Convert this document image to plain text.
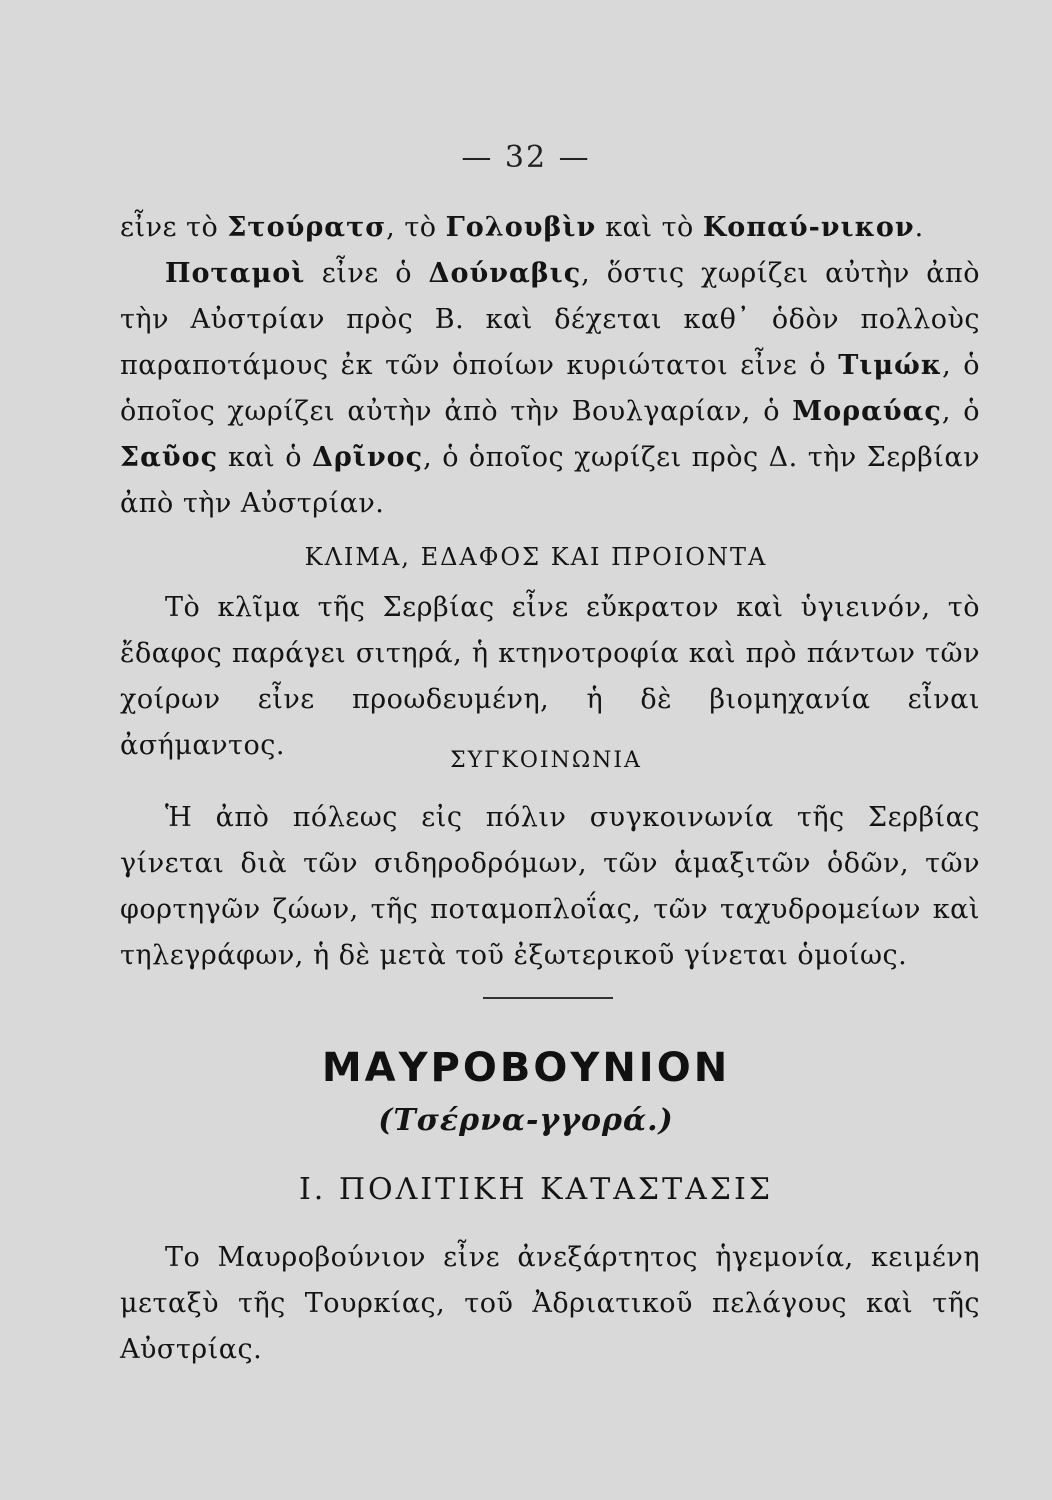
— 32 —
εἶνε τὸ Στούρατσ, τὸ Γολουβὶν καὶ τὸ Κοπαύ-νικον.
Ποταμοὶ εἶνε ὁ Δούναβις, ὅστις χωρίζει αὐτὴν ἀπὸ τὴν Αὐστρίαν πρὸς Β. καὶ δέχεται καθ᾽ ὁδὸν πολλοὺς παραποτάμους ἐκ τῶν ὁποίων κυριώτατοι εἶνε ὁ Τιμώκ, ὁ ὁποῖος χωρίζει αὐτὴν ἀπὸ τὴν Βουλγαρίαν, ὁ Μοραύας, ὁ Σαῦος καὶ ὁ Δρῖνος, ὁ ὁποῖος χωρίζει πρὸς Δ. τὴν Σερβίαν ἀπὸ τὴν Αὐστρίαν.
ΚΛΙΜΑ, ΕΔΑΦΟΣ ΚΑΙ ΠΡΟΙΟΝΤΑ
Τὸ κλῖμα τῆς Σερβίας εἶνε εὔκρατον καὶ ὑγιεινόν, τὸ ἔδαφος παράγει σιτηρά, ἡ κτηνοτροφία καὶ πρὸ πάντων τῶν χοίρων εἶνε προωδευμένη, ἡ δὲ βιομηχανία εἶναι ἀσήμαντος.	ΣΥΓΚΟΙΝΩΝΙΑ
Ἡ ἀπὸ πόλεως εἰς πόλιν συγκοινωνία τῆς Σερβίας γίνεται διὰ τῶν σιδηροδρόμων, τῶν ἁμαξιτῶν ὁδῶν, τῶν φορτηγῶν ζώων, τῆς ποταμοπλοΐας, τῶν ταχυδρομείων καὶ τηλεγράφων, ἡ δὲ μετὰ τοῦ ἐξωτερικοῦ γίνεται ὁμοίως.
ΜΑΥΡΟΒΟΥΝΙΟΝ
(Τσέρνα-γγορά.)
Ι. ΠΟΛΙΤΙΚΗ ΚΑΤΑΣΤΑΣΙΣ
Το Μαυροβούνιον εἶνε ἀνεξάρτητος ἡγεμονία, κειμένη μεταξὺ τῆς Τουρκίας, τοῦ Ἀδριατικοῦ πελάγους καὶ τῆς Αὐστρίας.
